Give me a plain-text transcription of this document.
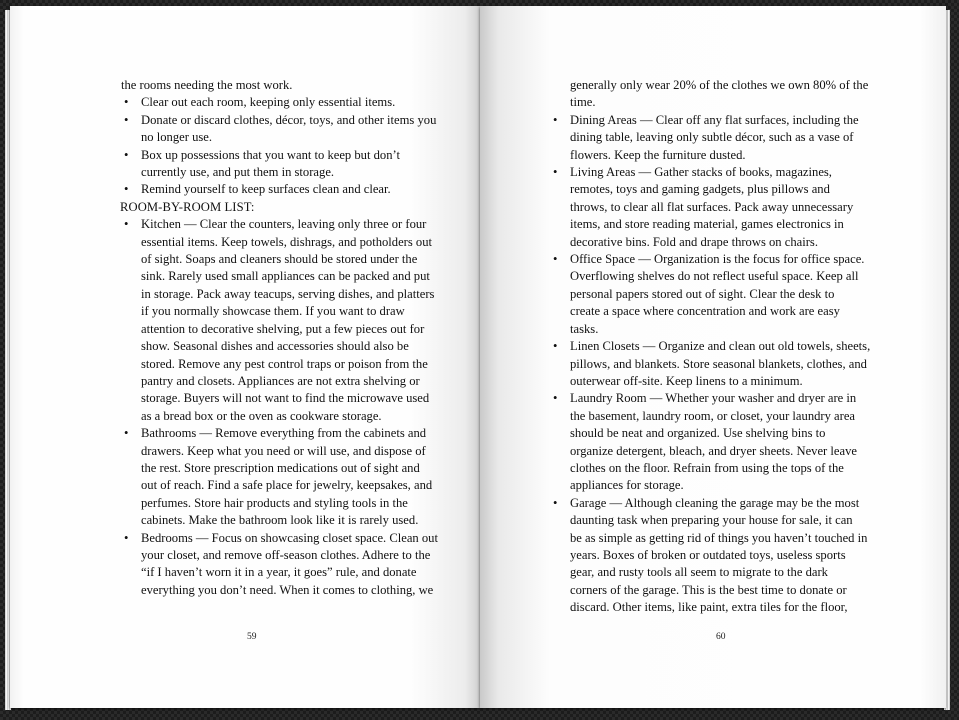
the rooms needing the most work.

• Clear out each room, keeping only essential items.
• Donate or discard clothes, décor, toys, and other items you
no longer use.
• Box up possessions that you want to keep but don’t
currently use, and put them in storage.
• Remind yourself to keep surfaces clean and clear.

ROOM-BY-ROOM LIST:

• Kitchen — Clear the counters, leaving only three or four
essential items. Keep towels, dishrags, and potholders out
of sight. Soaps and cleaners should be stored under the
sink. Rarely used small appliances can be packed and put
in storage. Pack away teacups, serving dishes, and platters
if you normally showcase them. If you want to draw
attention to decorative shelving, put a few pieces out for
show. Seasonal dishes and accessories should also be
stored. Remove any pest control traps or poison from the
pantry and closets. Appliances are not extra shelving or
storage. Buyers will not want to find the microwave used
as a bread box or the oven as cookware storage.
• Bathrooms — Remove everything from the cabinets and
drawers. Keep what you need or will use, and dispose of
the rest. Store prescription medications out of sight and
out of reach. Find a safe place for jewelry, keepsakes, and
perfumes. Store hair products and styling tools in the
cabinets. Make the bathroom look like it is rarely used.
• Bedrooms — Focus on showcasing closet space. Clean out
your closet, and remove off-season clothes. Adhere to the
“if I haven’t worn it in a year, it goes” rule, and donate
everything you don’t need. When it comes to clothing, we
59
generally only wear 20% of the clothes we own 80% of the
time.
• Dining Areas — Clear off any flat surfaces, including the
dining table, leaving only subtle décor, such as a vase of
flowers. Keep the furniture dusted.
• Living Areas — Gather stacks of books, magazines,
remotes, toys and gaming gadgets, plus pillows and
throws, to clear all flat surfaces. Pack away unnecessary
items, and store reading material, games electronics in
decorative bins. Fold and drape throws on chairs.
• Office Space — Organization is the focus for office space.
Overflowing shelves do not reflect useful space. Keep all
personal papers stored out of sight. Clear the desk to
create a space where concentration and work are easy
tasks.
• Linen Closets — Organize and clean out old towels, sheets,
pillows, and blankets. Store seasonal blankets, clothes, and
outerwear off-site. Keep linens to a minimum.
• Laundry Room — Whether your washer and dryer are in
the basement, laundry room, or closet, your laundry area
should be neat and organized. Use shelving bins to
organize detergent, bleach, and dryer sheets. Never leave
clothes on the floor. Refrain from using the tops of the
appliances for storage.
• Garage — Although cleaning the garage may be the most
daunting task when preparing your house for sale, it can
be as simple as getting rid of things you haven’t touched in
years. Boxes of broken or outdated toys, useless sports
gear, and rusty tools all seem to migrate to the dark
corners of the garage. This is the best time to donate or
discard. Other items, like paint, extra tiles for the floor,
60
